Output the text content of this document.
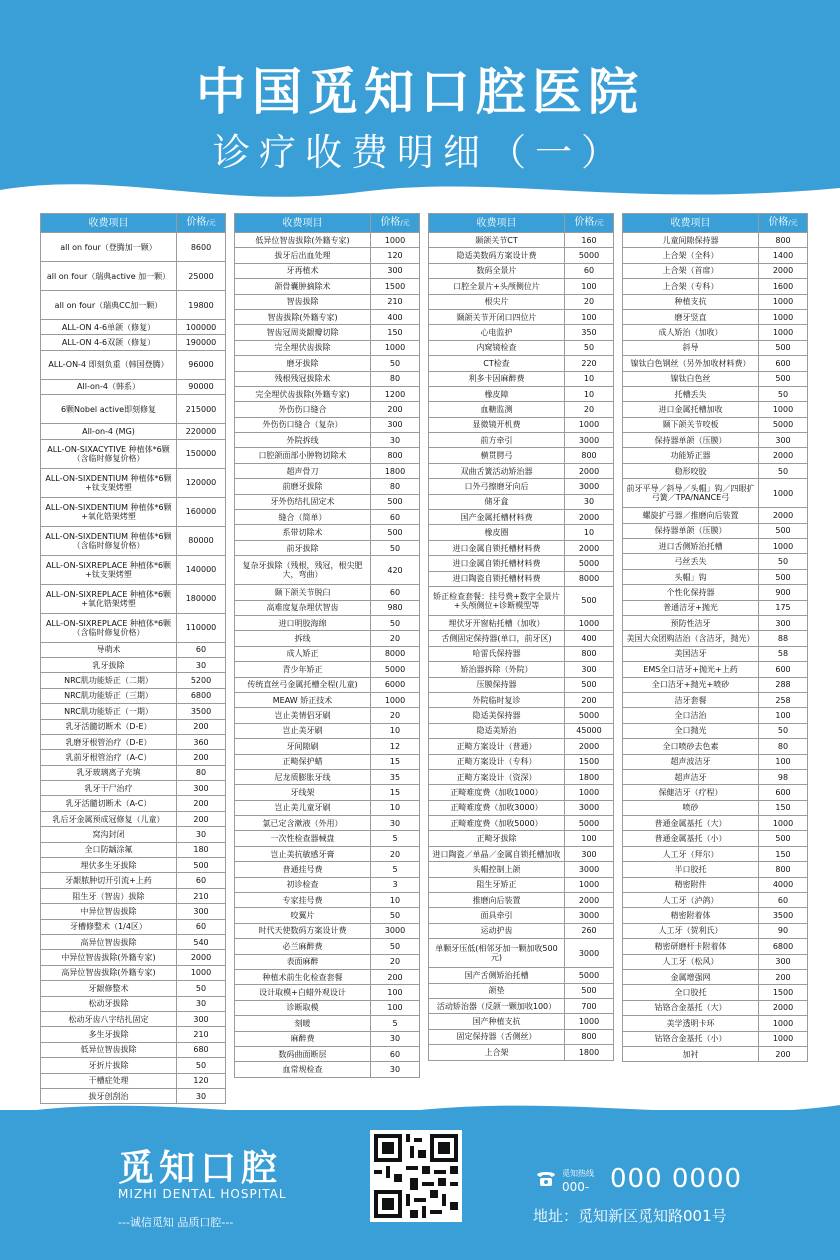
中国觅知口腔医院
诊疗收费明细（一）
收费项目	价格/元
all on four（登腾加一颗）	8600
all on four（瑞典active 加一颗）	25000
all on four（瑞典CC加一颗）	19800
ALL-ON 4-6单颌（修复）	100000
ALL-ON 4-6双颌（修复）	190000
ALL-ON-4 即刻负重（韩国登腾）	96000
All-on-4（韩系）	90000
6颗Nobel active即刻修复	215000
All-on-4 (MG)	220000
ALL-ON-SIXACYTIVE 种植体*6颗（含临时修复价格）	150000
ALL-ON-SIXDENTIUM 种植体*6颗+钛支架烤塑	120000
ALL-ON-SIXDENTIUM 种植体*6颗+氧化锆架烤塑	160000
ALL-ON-SIXDENTIUM 种植体*6颗（含临时修复价格）	80000
ALL-ON-SIXREPLACE 种植体*6颗+钛支架烤塑	140000
ALL-ON-SIXREPLACE 种植体*6颗+氧化锆架烤塑	180000
ALL-ON-SIXREPLACE 种植体*6颗（含临时修复价格）	110000
导萌术	60
乳牙拔除	30
NRC肌功能矫正（二期）	5200
NRC肌功能矫正（三期）	6800
NRC肌功能矫正（一期）	3500
乳牙活髓切断术（D-E）	200
乳磨牙根管治疗（D-E）	360
乳前牙根管治疗（A-C）	200
乳牙玻璃离子充填	80
乳牙干尸治疗	300
乳牙活髓切断术（A-C）	200
乳后牙金属预成冠修复（儿童）	200
窝沟封闭	30
全口防龋涂氟	180
埋伏多生牙拔除	500
牙龈脓肿切开引流+上药	60
阻生牙（智齿）拔除	210
中异位智齿拔除	300
牙槽修整术（1/4区）	60
高异位智齿拔除	540
中异位智齿拔除(外籍专家)	2000
高异位智齿拔除(外籍专家)	1000
牙龈修整术	50
松动牙拔除	30
松动牙齿八字结扎固定	300
多生牙拔除	210
低异位智齿拔除	680
牙折片拔除	50
干槽症处理	120
拔牙创刮治	30
收费项目	价格/元
低异位智齿拔除(外籍专家)	1000
拔牙后出血处理	120
牙再植术	300
颌骨囊肿摘除术	1500
智齿拔除	210
智齿拔除(外籍专家)	400
智齿冠周炎龈瓣切除	150
完全埋伏齿拔除	1000
磨牙拔除	50
残根残冠拔除术	80
完全埋伏齿拔除(外籍专家)	1200
外伤伤口缝合	200
外伤伤口缝合（复杂）	300
外院拆线	30
口腔颌面部小肿物切除术	800
超声骨刀	1800
前磨牙拔除	80
牙外伤结扎固定术	500
缝合（简单）	60
系带切除术	500
前牙拔除	50
复杂牙拔除（残根，残冠，根尖肥大，弯曲）	420
颞下颌关节脱臼	60
高难度复杂埋伏智齿	980
进口明胶海绵	50
拆线	20
成人矫正	8000
青少年矫正	5000
传统直丝弓金属托槽全程(儿童)	6000
MEAW 矫正技术	1000
岂止美情侣牙刷	20
岂止美牙刷	10
牙间隙刷	12
正畸保护蜡	15
尼龙质膨胀牙线	35
牙线架	15
岂止美儿童牙刷	10
氯已定含漱液（外用）	30
一次性检查器械盘	5
岂止美抗敏感牙膏	20
普通挂号费	5
初诊检查	3
专家挂号费	10
咬翼片	50
时代天使数码方案设计费	3000
必兰麻醉费	50
表面麻醉	20
种植术前生化检查套餐	200
设计取模+白蜡外观设计	100
诊断取模	100
刻暖	5
麻醉费	30
数码曲面断层	60
血常规检查	30
收费项目	价格/元
颞颌关节CT	160
隐适美数码方案设计费	5000
数码全景片	60
口腔全景片+头颅侧位片	100
根尖片	20
颞颌关节开闭口四位片	100
心电监护	350
内窥镜检查	50
CT检查	220
利多卡因麻醉费	10
橡皮障	10
血糖监测	20
显微镜开机费	1000
前方牵引	3000
横贯腭弓	800
双曲舌簧活动矫治器	2000
口外弓擦磨牙向后	3000
储牙盒	30
国产金属托槽材料费	2000
橡皮圈	10
进口金属自锁托槽材料费	2000
进口金属自锁托槽材料费	5000
进口陶瓷自锁托槽材料费	8000
矫正检查套餐：挂号费+数字全景片+头颅侧位+诊断模型等	500
埋伏牙开窗粘托槽（加收）	1000
舌侧固定保持器(单口，前牙区)	400
哈雷氏保持器	800
矫治器拆除（外院）	300
压膜保持器	500
外院临时复诊	200
隐适美保持器	5000
隐适美矫治	45000
正畸方案设计（普通）	2000
正畸方案设计（专科）	1500
正畸方案设计（资深）	1800
正畸难度费（加收1000）	1000
正畸难度费（加收3000）	3000
正畸难度费（加收5000）	5000
正畸牙拔除	100
进口陶瓷／单晶／金属自锁托槽加收	300
头帽控制上颌	3000
阻生牙矫正	1000
推磨向后装置	2000
面具牵引	3000
运动护齿	260
单颗牙压低(相邻牙加一颗加收500元)	3000
国产舌侧矫治托槽	5000
颌垫	500
活动矫治器（反颌一颗加收100）	700
国产种植支抗	1000
固定保持器（舌侧丝）	800
上合架	1800
收费项目	价格/元
儿童间隙保持器	800
上合架（全科）	1400
上合架（首席）	2000
上合架（专科）	1600
种植支抗	1000
磨牙竖直	1000
成人矫治（加收）	1000
斜导	500
镍钛白色钢丝（另外加收材料费）	600
镍钛白色丝	500
托槽丢失	50
进口金属托槽加收	1000
颞下颌关节咬板	5000
保持器单颌（压膜）	300
功能矫正器	2000
稳形咬胶	50
前牙平导／斜导／头帽」钩／四眼扩弓簧／TPA/NANCE弓	1000
螺旋扩弓器／推磨向后装置	2000
保持器单颌（压膜）	500
进口舌侧矫治托槽	1000
弓丝丢失	50
头帽」钩	500
个性化保持器	900
普通洁牙+抛光	175
预防性洁牙	300
美国大众团购洁治（含洁牙，抛光）	88
美国洁牙	58
EMS全口洁牙+抛光+上药	600
全口洁牙+抛光+喷砂	288
洁牙套餐	258
全口洁治	100
全口抛光	50
全口喷砂去色素	80
超声波洁牙	100
超声洁牙	98
保健洁牙（疗程）	600
喷砂	150
普通金属基托（大）	1000
普通金属基托（小）	500
人工牙（拜尔）	150
半口胶托	800
精密附件	4000
人工牙（泸鸽）	60
精密附着体	3500
人工牙（贺利氏）	90
精密研磨杆卡附着体	6800
人工牙（松风）	300
金属增强网	200
全口胶托	1500
钴铬合金基托（大）	2000
美学透明卡环	1000
钴铬合金基托（小）	1000
加衬	200
觅知口腔
MIZHI DENTAL HOSPITAL
---诚信觅知 品质口腔---
觅知热线
000- 000 0000
地址：觅知新区觅知路001号
